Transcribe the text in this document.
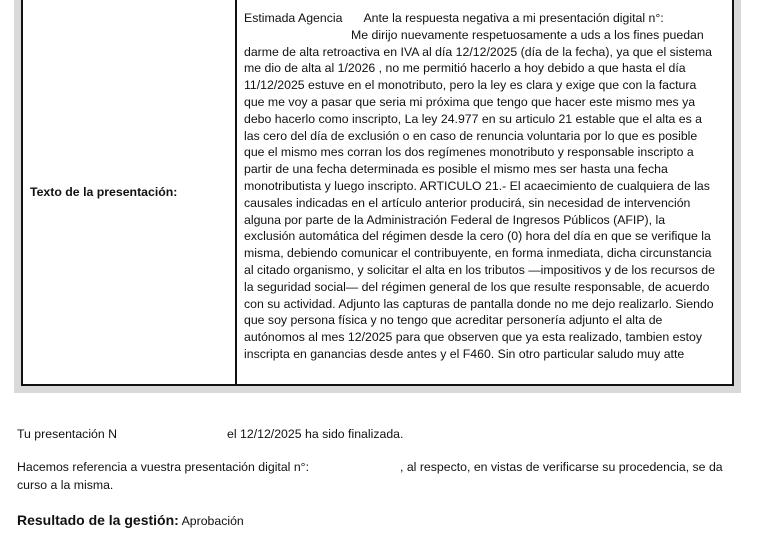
Texto de la presentación:
Estimada Agencia Ante la respuesta negativa a mi presentación digital n°:
Me dirijo nuevamente respetuosamente a uds a los fines puedan
darme de alta retroactiva en IVA al día 12/12/2025 (día de la fecha), ya que el sistema
me dio de alta al 1/2026 , no me permitió hacerlo a hoy debido a que hasta el día
11/12/2025 estuve en el monotributo, pero la ley es clara y exige que con la factura
que me voy a pasar que seria mi próxima que tengo que hacer este mismo mes ya
debo hacerlo como inscripto, La ley 24.977 en su articulo 21 estable que el alta es a
las cero del día de exclusión o en caso de renuncia voluntaria por lo que es posible
que el mismo mes corran los dos regímenes monotributo y responsable inscripto a
partir de una fecha determinada es posible el mismo mes ser hasta una fecha
monotributista y luego inscripto. ARTICULO 21.- El acaecimiento de cualquiera de las
causales indicadas en el artículo anterior producirá, sin necesidad de intervención
alguna por parte de la Administración Federal de Ingresos Públicos (AFIP), la
exclusión automática del régimen desde la cero (0) hora del día en que se verifique la
misma, debiendo comunicar el contribuyente, en forma inmediata, dicha circunstancia
al citado organismo, y solicitar el alta en los tributos —impositivos y de los recursos de
la seguridad social— del régimen general de los que resulte responsable, de acuerdo
con su actividad. Adjunto las capturas de pantalla donde no me dejo realizarlo. Siendo
que soy persona física y no tengo que acreditar personería adjunto el alta de
autónomos al mes 12/2025 para que observen que ya esta realizado, tambien estoy
inscripta en ganancias desde antes y el F460. Sin otro particular saludo muy atte
Tu presentación N	el 12/12/2025 ha sido finalizada.
Hacemos referencia a vuestra presentación digital n°:	, al respecto, en vistas de verificarse su procedencia, se da
curso a la misma.
Resultado de la gestión: Aprobación
